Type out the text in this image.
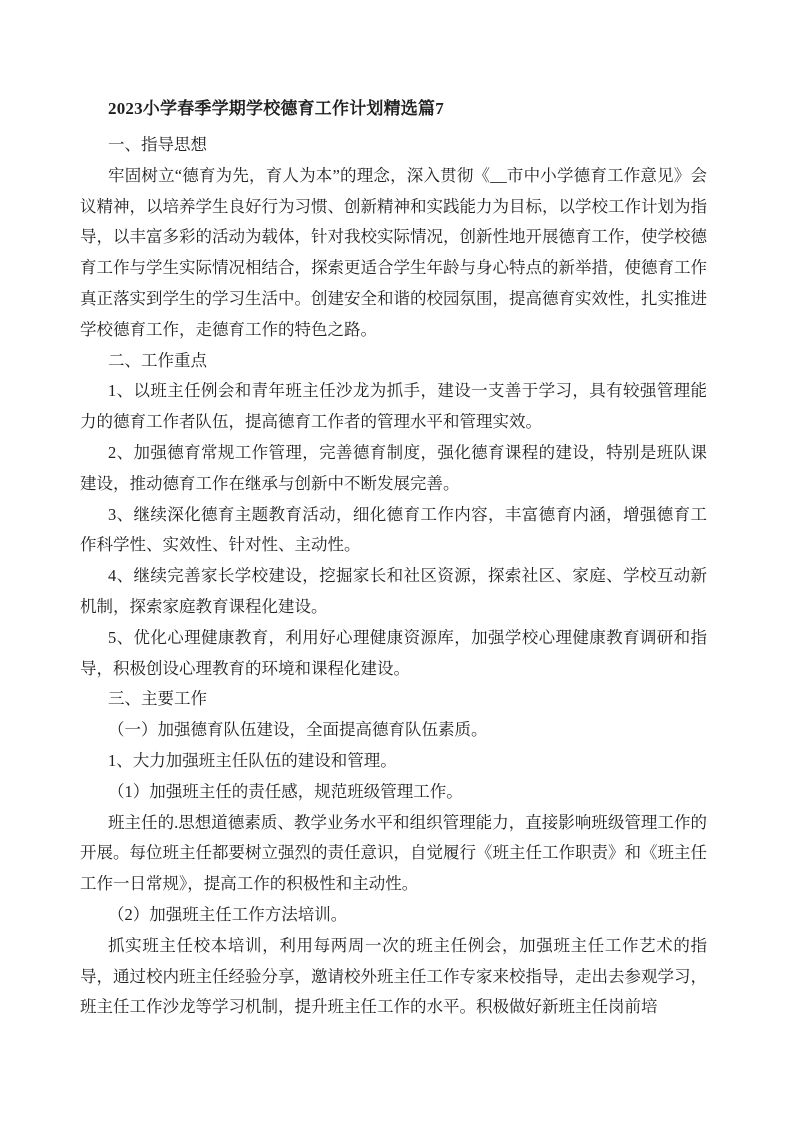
2023小学春季学期学校德育工作计划精选篇7

一、指导思想

牢固树立“德育为先，育人为本”的理念，深入贯彻《__市中小学德育工作意见》会议精神，以培养学生良好行为习惯、创新精神和实践能力为目标，以学校工作计划为指导，以丰富多彩的活动为载体，针对我校实际情况，创新性地开展德育工作，使学校德育工作与学生实际情况相结合，探索更适合学生年龄与身心特点的新举措，使德育工作真正落实到学生的学习生活中。创建安全和谐的校园氛围，提高德育实效性，扎实推进学校德育工作，走德育工作的特色之路。

二、工作重点

1、以班主任例会和青年班主任沙龙为抓手，建设一支善于学习，具有较强管理能力的德育工作者队伍，提高德育工作者的管理水平和管理实效。

2、加强德育常规工作管理，完善德育制度，强化德育课程的建设，特别是班队课建设，推动德育工作在继承与创新中不断发展完善。

3、继续深化德育主题教育活动，细化德育工作内容，丰富德育内涵，增强德育工作科学性、实效性、针对性、主动性。

4、继续完善家长学校建设，挖掘家长和社区资源，探索社区、家庭、学校互动新机制，探索家庭教育课程化建设。

5、优化心理健康教育，利用好心理健康资源库，加强学校心理健康教育调研和指导，积极创设心理教育的环境和课程化建设。

三、主要工作

（一）加强德育队伍建设，全面提高德育队伍素质。

1、大力加强班主任队伍的建设和管理。

（1）加强班主任的责任感，规范班级管理工作。

班主任的.思想道德素质、教学业务水平和组织管理能力，直接影响班级管理工作的开展。每位班主任都要树立强烈的责任意识，自觉履行《班主任工作职责》和《班主任工作一日常规》，提高工作的积极性和主动性。

（2）加强班主任工作方法培训。

抓实班主任校本培训，利用每两周一次的班主任例会，加强班主任工作艺术的指导，通过校内班主任经验分享，邀请校外班主任工作专家来校指导，走出去参观学习，班主任工作沙龙等学习机制，提升班主任工作的水平。积极做好新班主任岗前培
